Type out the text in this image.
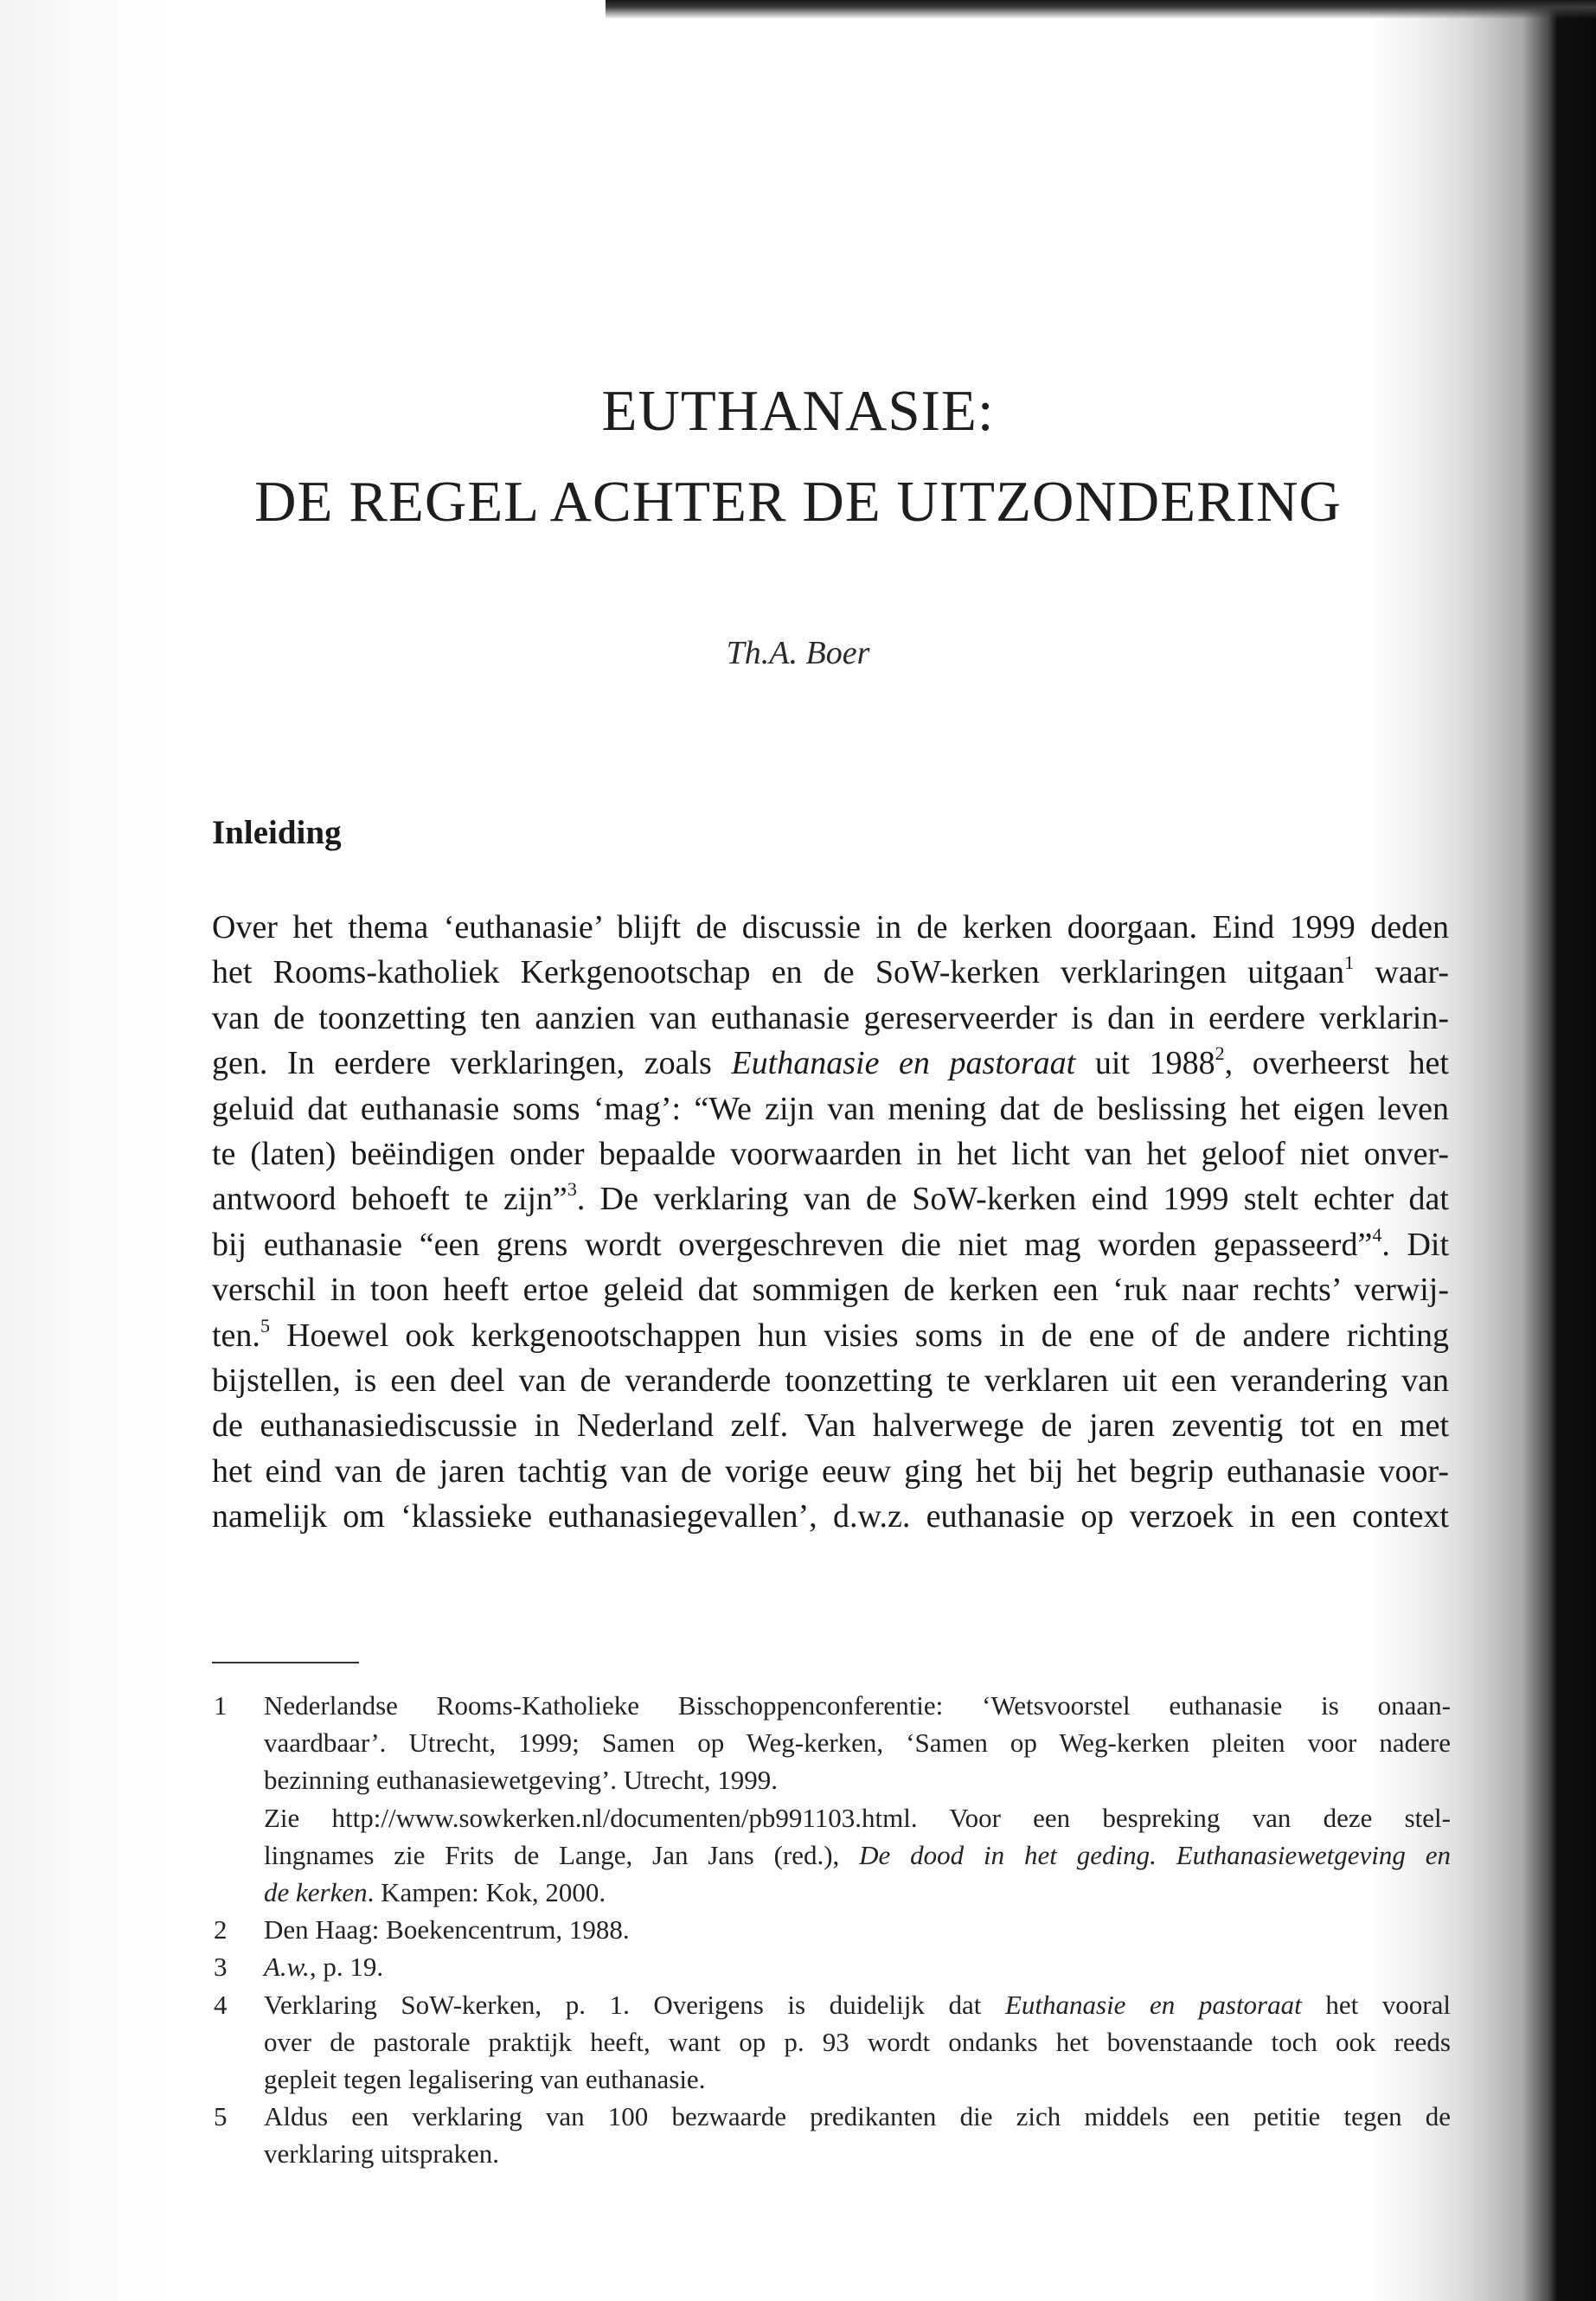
EUTHANASIE:
DE REGEL ACHTER DE UITZONDERING
Th.A. Boer
Inleiding
Over het thema ‘euthanasie’ blijft de discussie in de kerken doorgaan. Eind 1999 deden
het Rooms-katholiek Kerkgenootschap en de SoW-kerken verklaringen uitgaan$^1$ waar-
van de toonzetting ten aanzien van euthanasie gereserveerder is dan in eerdere verklarin-
gen. In eerdere verklaringen, zoals Euthanasie en pastoraat uit 1988$^2$, overheerst het
geluid dat euthanasie soms ‘mag’: “We zijn van mening dat de beslissing het eigen leven
te (laten) beëindigen onder bepaalde voorwaarden in het licht van het geloof niet onver-
antwoord behoeft te zijn”$^3$. De verklaring van de SoW-kerken eind 1999 stelt echter dat
bij euthanasie “een grens wordt overgeschreven die niet mag worden gepasseerd”$^4$. Dit
verschil in toon heeft ertoe geleid dat sommigen de kerken een ‘ruk naar rechts’ verwij-
ten.$^5$ Hoewel ook kerkgenootschappen hun visies soms in de ene of de andere richting
bijstellen, is een deel van de veranderde toonzetting te verklaren uit een verandering van
de euthanasiediscussie in Nederland zelf. Van halverwege de jaren zeventig tot en met
het eind van de jaren tachtig van de vorige eeuw ging het bij het begrip euthanasie voor-
namelijk om ‘klassieke euthanasiegevallen’, d.w.z. euthanasie op verzoek in een context
1 Nederlandse Rooms-Katholieke Bisschoppenconferentie: ‘Wetsvoorstel euthanasie is onaan-
vaardbaar’. Utrecht, 1999; Samen op Weg-kerken, ‘Samen op Weg-kerken pleiten voor nadere
bezinning euthanasiewetgeving’. Utrecht, 1999.
Zie http://www.sowkerken.nl/documenten/pb991103.html. Voor een bespreking van deze stel-
lingnames zie Frits de Lange, Jan Jans (red.), De dood in het geding. Euthanasiewetgeving en
de kerken. Kampen: Kok, 2000.
2 Den Haag: Boekencentrum, 1988.
3 A.w., p. 19.
4 Verklaring SoW-kerken, p. 1. Overigens is duidelijk dat Euthanasie en pastoraat het vooral
over de pastorale praktijk heeft, want op p. 93 wordt ondanks het bovenstaande toch ook reeds
gepleit tegen legalisering van euthanasie.
5 Aldus een verklaring van 100 bezwaarde predikanten die zich middels een petitie tegen de
verklaring uitspraken.
